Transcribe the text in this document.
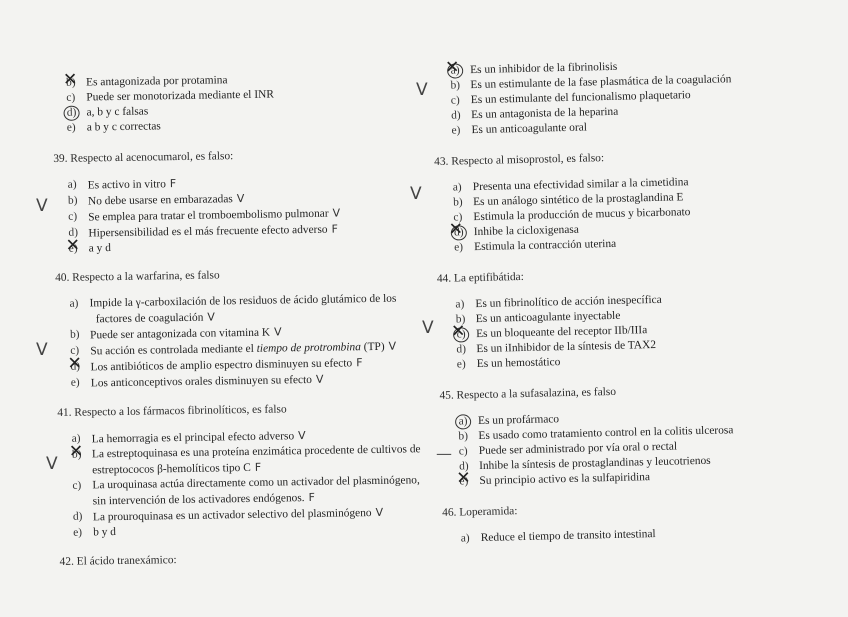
b) ✕ Es antagonizada por protamina
c) Puede ser monotorizada mediante el INR
d) a, b y c falsas
e) a b y c correctas
39. Respecto al acenocumarol, es falso:
a) Es activo in vitro F
b) No debe usarse en embarazadas V
c) Se emplea para tratar el tromboembolismo pulmonar V
d) Hipersensibilidad es el más frecuente efecto adverso F
e) ✕ a y d
40. Respecto a la warfarina, es falso
a) Impide la γ-carboxilación de los residuos de ácido glutámico de los
factores de coagulación V
b) Puede ser antagonizada con vitamina K V
c) Su acción es controlada mediante el tiempo de protrombina (TP) V
d) ✕ Los antibióticos de amplio espectro disminuyen su efecto F
e) Los anticonceptivos orales disminuyen su efecto V
41. Respecto a los fármacos fibrinolíticos, es falso
a) La hemorragia es el principal efecto adverso V
b) ✕ La estreptoquinasa es una proteína enzimática procedente de cultivos de
estreptococos β-hemolíticos tipo C F
c) La uroquinasa actúa directamente como un activador del plasminógeno,
sin intervención de los activadores endógenos. F
d) La prouroquinasa es un activador selectivo del plasminógeno V
e) b y d
42. El ácido tranexámico:
a) ✕ Es un inhibidor de la fibrinolisis
b) Es un estimulante de la fase plasmática de la coagulación
c) Es un estimulante del funcionalismo plaquetario
d) Es un antagonista de la heparina
e) Es un anticoagulante oral
43. Respecto al misoprostol, es falso:
a) Presenta una efectividad similar a la cimetidina
b) Es un análogo sintético de la prostaglandina E
c) Estimula la producción de mucus y bicarbonato
d) ✕ Inhibe la cicloxigenasa
e) Estimula la contracción uterina
44. La eptifibátida:
a) Es un fibrinolítico de acción inespecífica
b) Es un anticoagulante inyectable
c) ✕ Es un bloqueante del receptor IIb/IIIa
d) Es un iInhibidor de la síntesis de TAX2
e) Es un hemostático
45. Respecto a la sufasalazina, es falso
a) Es un profármaco
b) Es usado como tratamiento control en la colitis ulcerosa
c) Puede ser administrado por vía oral o rectal
d) Inhibe la síntesis de prostaglandinas y leucotrienos
e) ✕ Su principio activo es la sulfapiridina
46. Loperamida:
a) Reduce el tiempo de transito intestinal
V
V
V
V
V
V
—
